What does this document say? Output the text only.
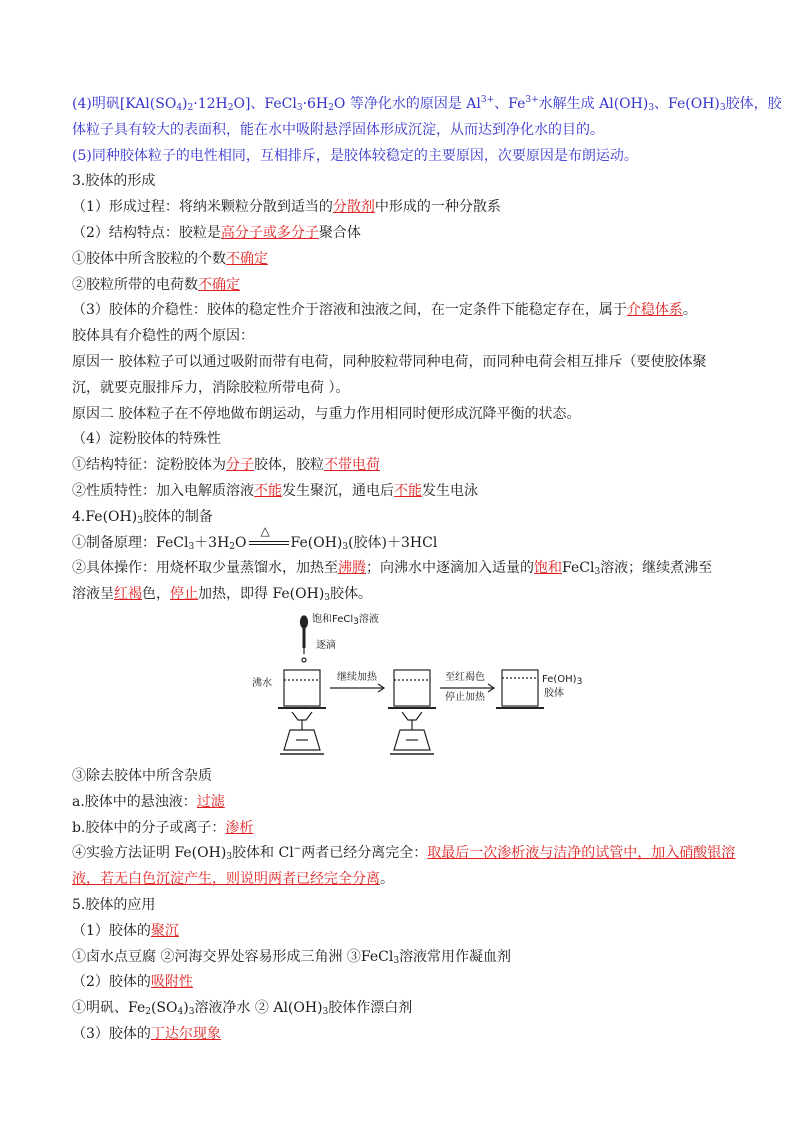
(4)明矾$[KAl(SO_4)_2\cdot 12H_2O]$、$FeCl_3\cdot 6H_2O$ 等净化水的原因是 $Al^{3+}$、$Fe^{3+}$水解生成 $Al(OH)_3$、$Fe(OH)_3$胶体，胶
体粒子具有较大的表面积，能在水中吸附悬浮固体形成沉淀，从而达到净化水的目的。
(5)同种胶体粒子的电性相同，互相排斥，是胶体较稳定的主要原因，次要原因是布朗运动。
3.胶体的形成
（1）形成过程：将纳米颗粒分散到适当的分散剂中形成的一种分散系
（2）结构特点：胶粒是高分子或多分子聚合体
①胶体中所含胶粒的个数不确定
②胶粒所带的电荷数不确定
（3）胶体的介稳性：胶体的稳定性介于溶液和浊液之间，在一定条件下能稳定存在，属于介稳体系。
胶体具有介稳性的两个原因：
原因一 胶体粒子可以通过吸附而带有电荷，同种胶粒带同种电荷，而同种电荷会相互排斥（要使胶体聚
沉，就要克服排斥力，消除胶粒所带电荷 ）。
原因二 胶体粒子在不停地做布朗运动，与重力作用相同时便形成沉降平衡的状态。
（4）淀粉胶体的特殊性
①结构特征：淀粉胶体为分子胶体，胶粒不带电荷
②性质特性：加入电解质溶液不能发生聚沉，通电后不能发生电泳
$4.Fe(OH)_3$胶体的制备
①制备原理：$FeCl_3+3H_2O$
△
$Fe(OH)_3$(胶体)＋3HCl
②具体操作：用烧杯取少量蒸馏水，加热至沸腾；向沸水中逐滴加入适量的饱和FeCl$_3$溶液；继续煮沸至
溶液呈红褐色，停止加热，即得 $Fe(OH)_3$胶体。
饱和FeCl$_3$溶液
逐滴
沸水
继续加热	至红褐色
停止加热
$Fe(OH)_3$
胶体
③除去胶体中所含杂质
a.胶体中的悬浊液：过滤
b.胶体中的分子或离子：渗析
④实验方法证明 $Fe(OH)_3$胶体和 Cl−两者已经分离完全：取最后一次渗析液与洁净的试管中，加入硝酸银溶
液，若无白色沉淀产生，则说明两者已经完全分离。
5.胶体的应用
（1）胶体的聚沉
①卤水点豆腐 ②河海交界处容易形成三角洲 ③FeCl$_3$溶液常用作凝血剂
（2）胶体的吸附性
①明矾、$Fe_2(SO_4)_3$溶液净水 ② $Al(OH)_3$胶体作漂白剂
（3）胶体的丁达尔现象
